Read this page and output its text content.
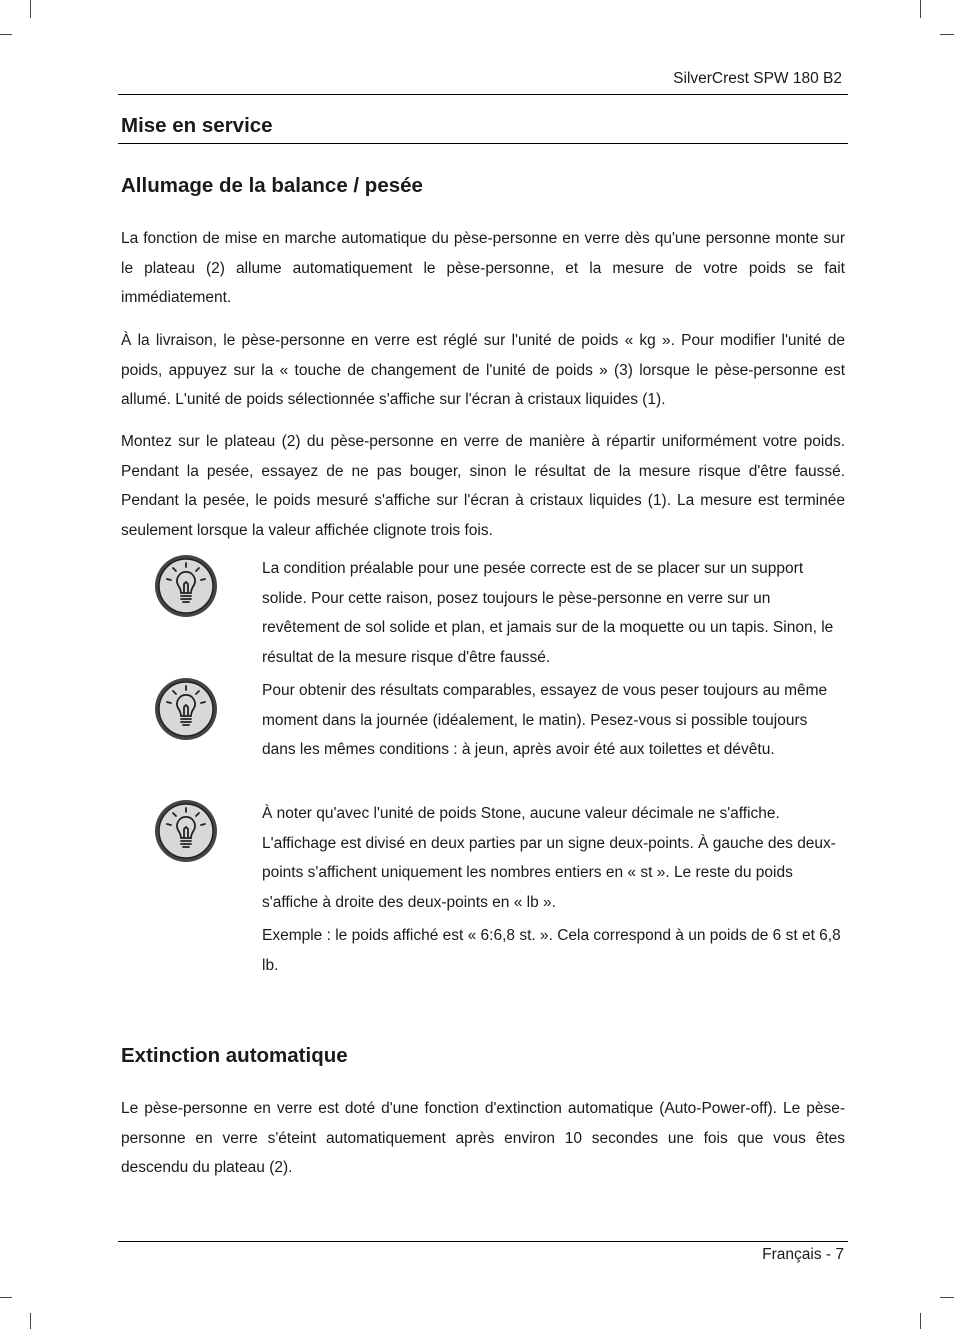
SilverCrest SPW 180 B2
Mise en service
Allumage de la balance / pesée

La fonction de mise en marche automatique du pèse-personne en verre dès qu'une personne monte sur le plateau (2) allume automatiquement le pèse-personne, et la mesure de votre poids se fait immédiatement.

À la livraison, le pèse-personne en verre est réglé sur l'unité de poids « kg ». Pour modifier l'unité de poids, appuyez sur la « touche de changement de l'unité de poids » (3) lorsque le pèse-personne est allumé. L'unité de poids sélectionnée s'affiche sur l'écran à cristaux liquides (1).

Montez sur le plateau (2) du pèse-personne en verre de manière à répartir uniformément votre poids. Pendant la pesée, essayez de ne pas bouger, sinon le résultat de la mesure risque d'être faussé. Pendant la pesée, le poids mesuré s'affiche sur l'écran à cristaux liquides (1). La mesure est terminée seulement lorsque la valeur affichée clignote trois fois.

La condition préalable pour une pesée correcte est de se placer sur un support solide. Pour cette raison, posez toujours le pèse-personne en verre sur un revêtement de sol solide et plan, et jamais sur de la moquette ou un tapis. Sinon, le résultat de la mesure risque d'être faussé.

Pour obtenir des résultats comparables, essayez de vous peser toujours au même moment dans la journée (idéalement, le matin). Pesez-vous si possible toujours dans les mêmes conditions : à jeun, après avoir été aux toilettes et dévêtu.

À noter qu'avec l'unité de poids Stone, aucune valeur décimale ne s'affiche. L'affichage est divisé en deux parties par un signe deux-points. À gauche des deux-points s'affichent uniquement les nombres entiers en « st ». Le reste du poids s'affiche à droite des deux-points en « lb ».

Exemple : le poids affiché est « 6:6,8 st. ». Cela correspond à un poids de 6 st et 6,8 lb.

Extinction automatique

Le pèse-personne en verre est doté d'une fonction d'extinction automatique (Auto-Power-off). Le pèse-personne en verre s'éteint automatiquement après environ 10 secondes une fois que vous êtes descendu du plateau (2).

Français - 7
